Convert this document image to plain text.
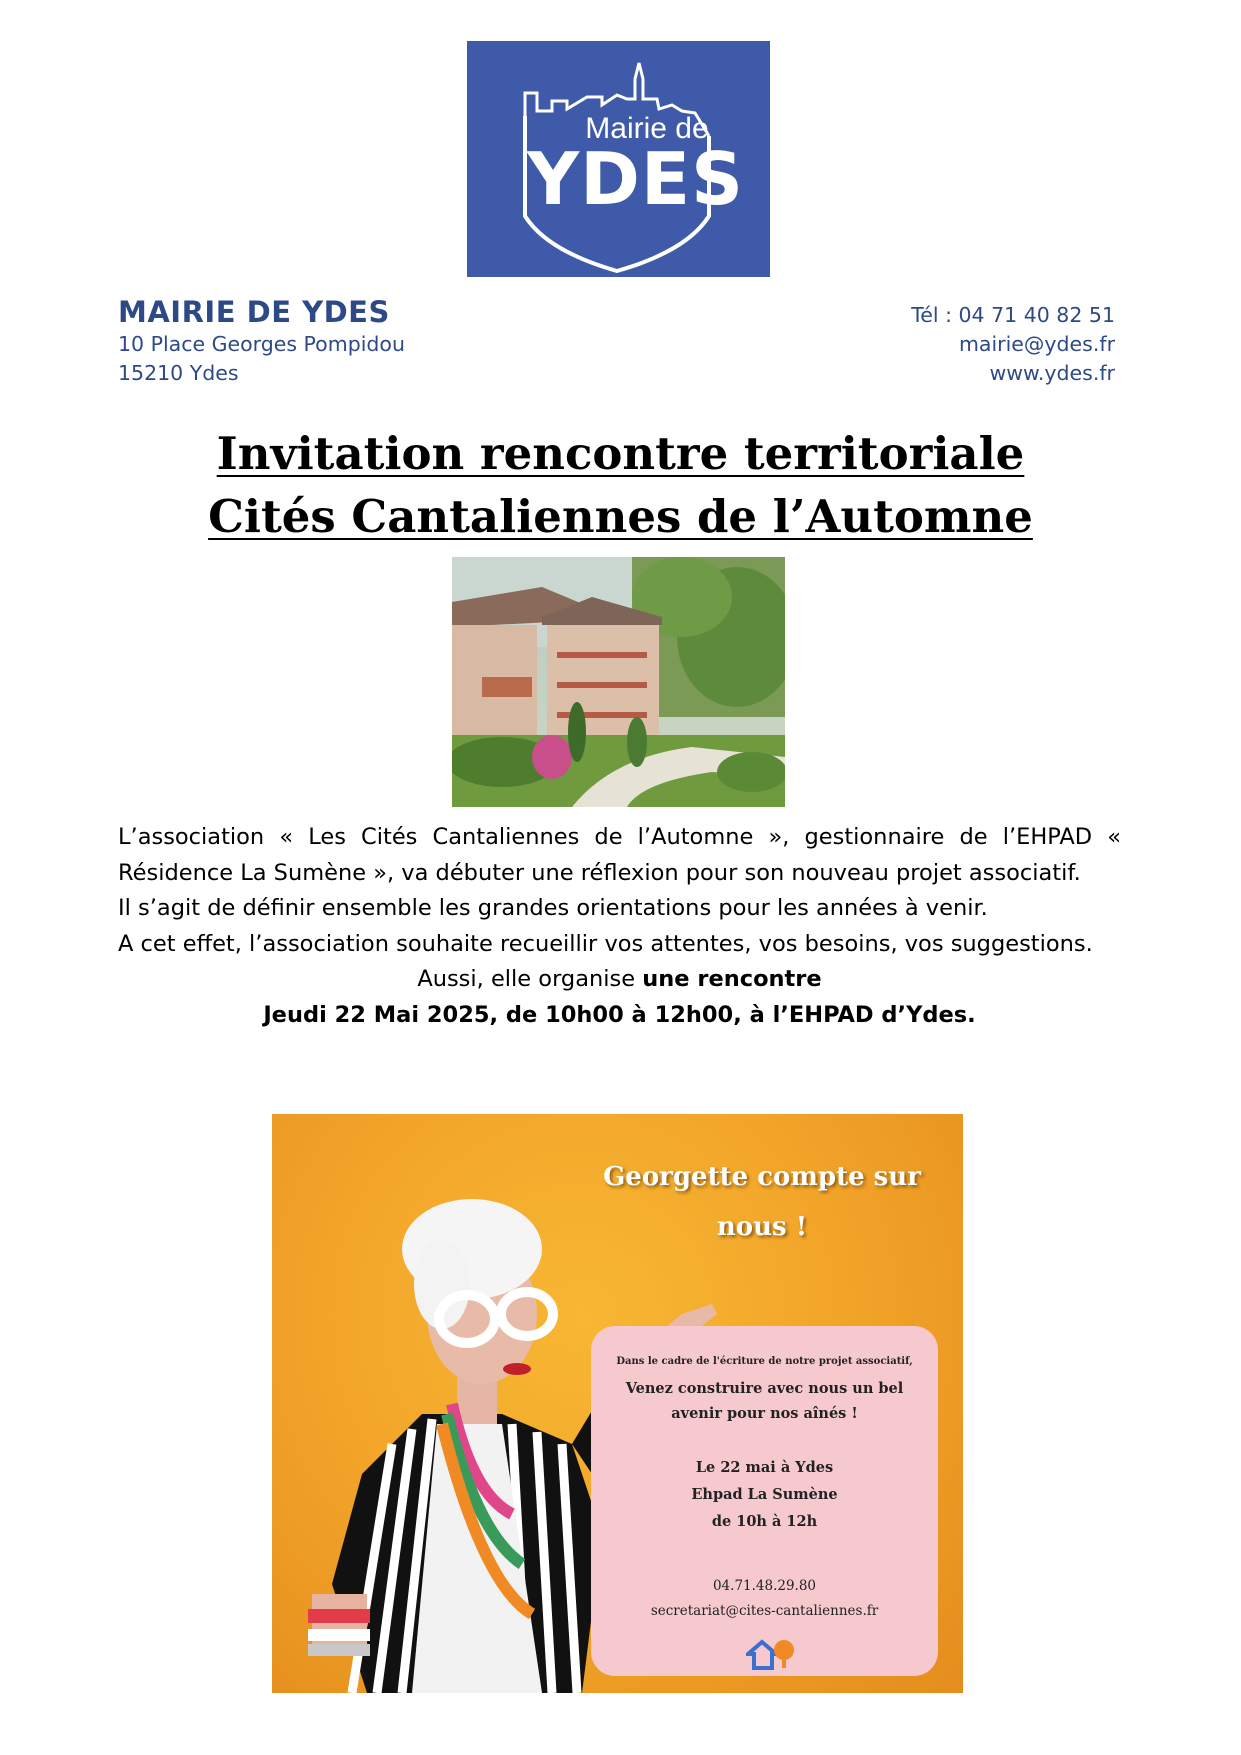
Mairie de
YDES
MAIRIE DE YDES
10 Place Georges Pompidou
15210 Ydes
Tél : 04 71 40 82 51
mairie@ydes.fr
www.ydes.fr
Invitation rencontre territoriale
Cités Cantaliennes de l’Automne

L’association « Les Cités Cantaliennes de l’Automne », gestionnaire de l’EHPAD « Résidence La Sumène », va débuter une réflexion pour son nouveau projet associatif.

Il s’agit de définir ensemble les grandes orientations pour les années à venir.

A cet effet, l’association souhaite recueillir vos attentes, vos besoins, vos suggestions.

Aussi, elle organise une rencontre

Jeudi 22 Mai 2025, de 10h00 à 12h00, à l’EHPAD d’Ydes.

Georgette compte sur
nous !
Dans le cadre de l'écriture de notre projet associatif,
Venez construire avec nous un bel
avenir pour nos aînés !
Le 22 mai à Ydes
Ehpad La Sumène
de 10h à 12h
04.71.48.29.80
secretariat@cites-cantaliennes.fr
